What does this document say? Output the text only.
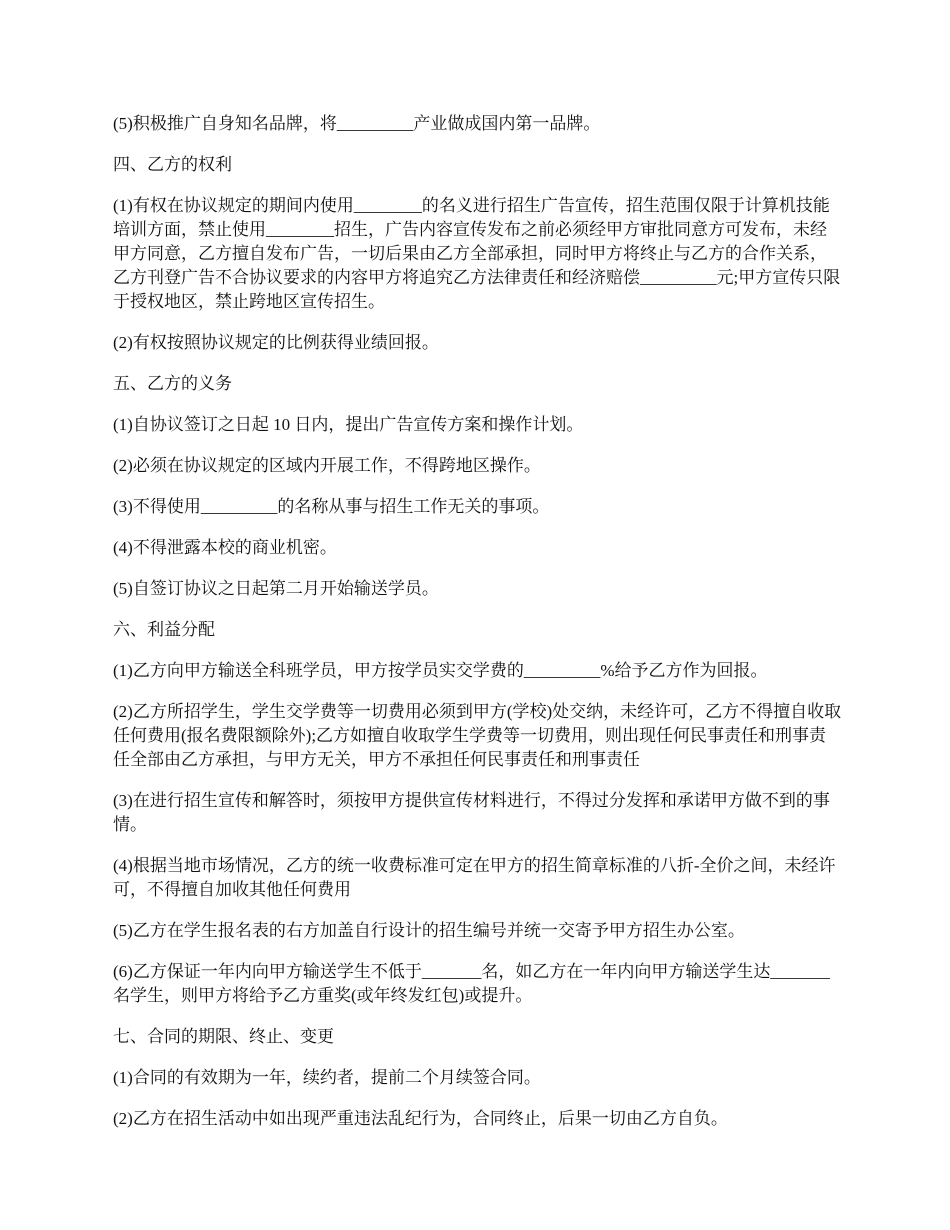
(5)积极推广自身知名品牌，将_________产业做成国内第一品牌。

四、乙方的权利

(1)有权在协议规定的期间内使用________的名义进行招生广告宣传，招生范围仅限于计算机技能培训方面，禁止使用________招生，广告内容宣传发布之前必须经甲方审批同意方可发布，未经甲方同意，乙方擅自发布广告，一切后果由乙方全部承担，同时甲方将终止与乙方的合作关系，乙方刊登广告不合协议要求的内容甲方将追究乙方法律责任和经济赔偿_________元;甲方宣传只限于授权地区，禁止跨地区宣传招生。

(2)有权按照协议规定的比例获得业绩回报。

五、乙方的义务

(1)自协议签订之日起 10 日内，提出广告宣传方案和操作计划。

(2)必须在协议规定的区域内开展工作，不得跨地区操作。

(3)不得使用_________的名称从事与招生工作无关的事项。

(4)不得泄露本校的商业机密。

(5)自签订协议之日起第二月开始输送学员。

六、利益分配

(1)乙方向甲方输送全科班学员，甲方按学员实交学费的_________%给予乙方作为回报。

(2)乙方所招学生，学生交学费等一切费用必须到甲方(学校)处交纳，未经许可，乙方不得擅自收取任何费用(报名费限额除外);乙方如擅自收取学生学费等一切费用，则出现任何民事责任和刑事责任全部由乙方承担，与甲方无关，甲方不承担任何民事责任和刑事责任

(3)在进行招生宣传和解答时，须按甲方提供宣传材料进行，不得过分发挥和承诺甲方做不到的事情。

(4)根据当地市场情况，乙方的统一收费标准可定在甲方的招生简章标准的八折-全价之间，未经许可，不得擅自加收其他任何费用

(5)乙方在学生报名表的右方加盖自行设计的招生编号并统一交寄予甲方招生办公室。

(6)乙方保证一年内向甲方输送学生不低于_______名，如乙方在一年内向甲方输送学生达_______名学生，则甲方将给予乙方重奖(或年终发红包)或提升。

七、合同的期限、终止、变更

(1)合同的有效期为一年，续约者，提前二个月续签合同。

(2)乙方在招生活动中如出现严重违法乱纪行为，合同终止，后果一切由乙方自负。
